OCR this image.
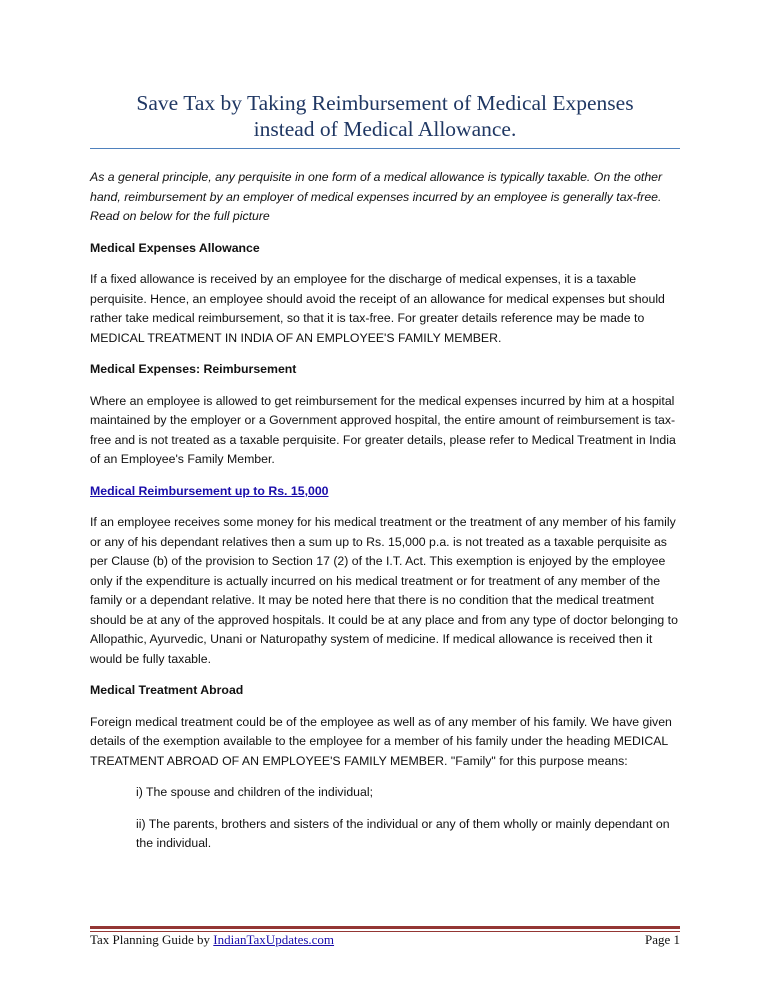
Save Tax by Taking Reimbursement of Medical Expenses
instead of Medical Allowance.

As a general principle, any perquisite in one form of a medical allowance is typically taxable. On the other hand, reimbursement by an employer of medical expenses incurred by an employee is generally tax-free. Read on below for the full picture

Medical Expenses Allowance

If a fixed allowance is received by an employee for the discharge of medical expenses, it is a taxable perquisite. Hence, an employee should avoid the receipt of an allowance for medical expenses but should rather take medical reimbursement, so that it is tax-free. For greater details reference may be made to MEDICAL TREATMENT IN INDIA OF AN EMPLOYEE'S FAMILY MEMBER.

Medical Expenses: Reimbursement

Where an employee is allowed to get reimbursement for the medical expenses incurred by him at a hospital maintained by the employer or a Government approved hospital, the entire amount of reimbursement is tax-free and is not treated as a taxable perquisite. For greater details, please refer to Medical Treatment in India of an Employee's Family Member.

Medical Reimbursement up to Rs. 15,000

If an employee receives some money for his medical treatment or the treatment of any member of his family or any of his dependant relatives then a sum up to Rs. 15,000 p.a. is not treated as a taxable perquisite as per Clause (b) of the provision to Section 17 (2) of the I.T. Act. This exemption is enjoyed by the employee only if the expenditure is actually incurred on his medical treatment or for treatment of any member of the family or a dependant relative. It may be noted here that there is no condition that the medical treatment should be at any of the approved hospitals. It could be at any place and from any type of doctor belonging to Allopathic, Ayurvedic, Unani or Naturopathy system of medicine. If medical allowance is received then it would be fully taxable.

Medical Treatment Abroad

Foreign medical treatment could be of the employee as well as of any member of his family. We have given details of the exemption available to the employee for a member of his family under the heading MEDICAL TREATMENT ABROAD OF AN EMPLOYEE'S FAMILY MEMBER. "Family" for this purpose means:

i) The spouse and children of the individual;

ii) The parents, brothers and sisters of the individual or any of them wholly or mainly dependant on the individual.

Tax Planning Guide by IndianTaxUpdates.com	Page 1
